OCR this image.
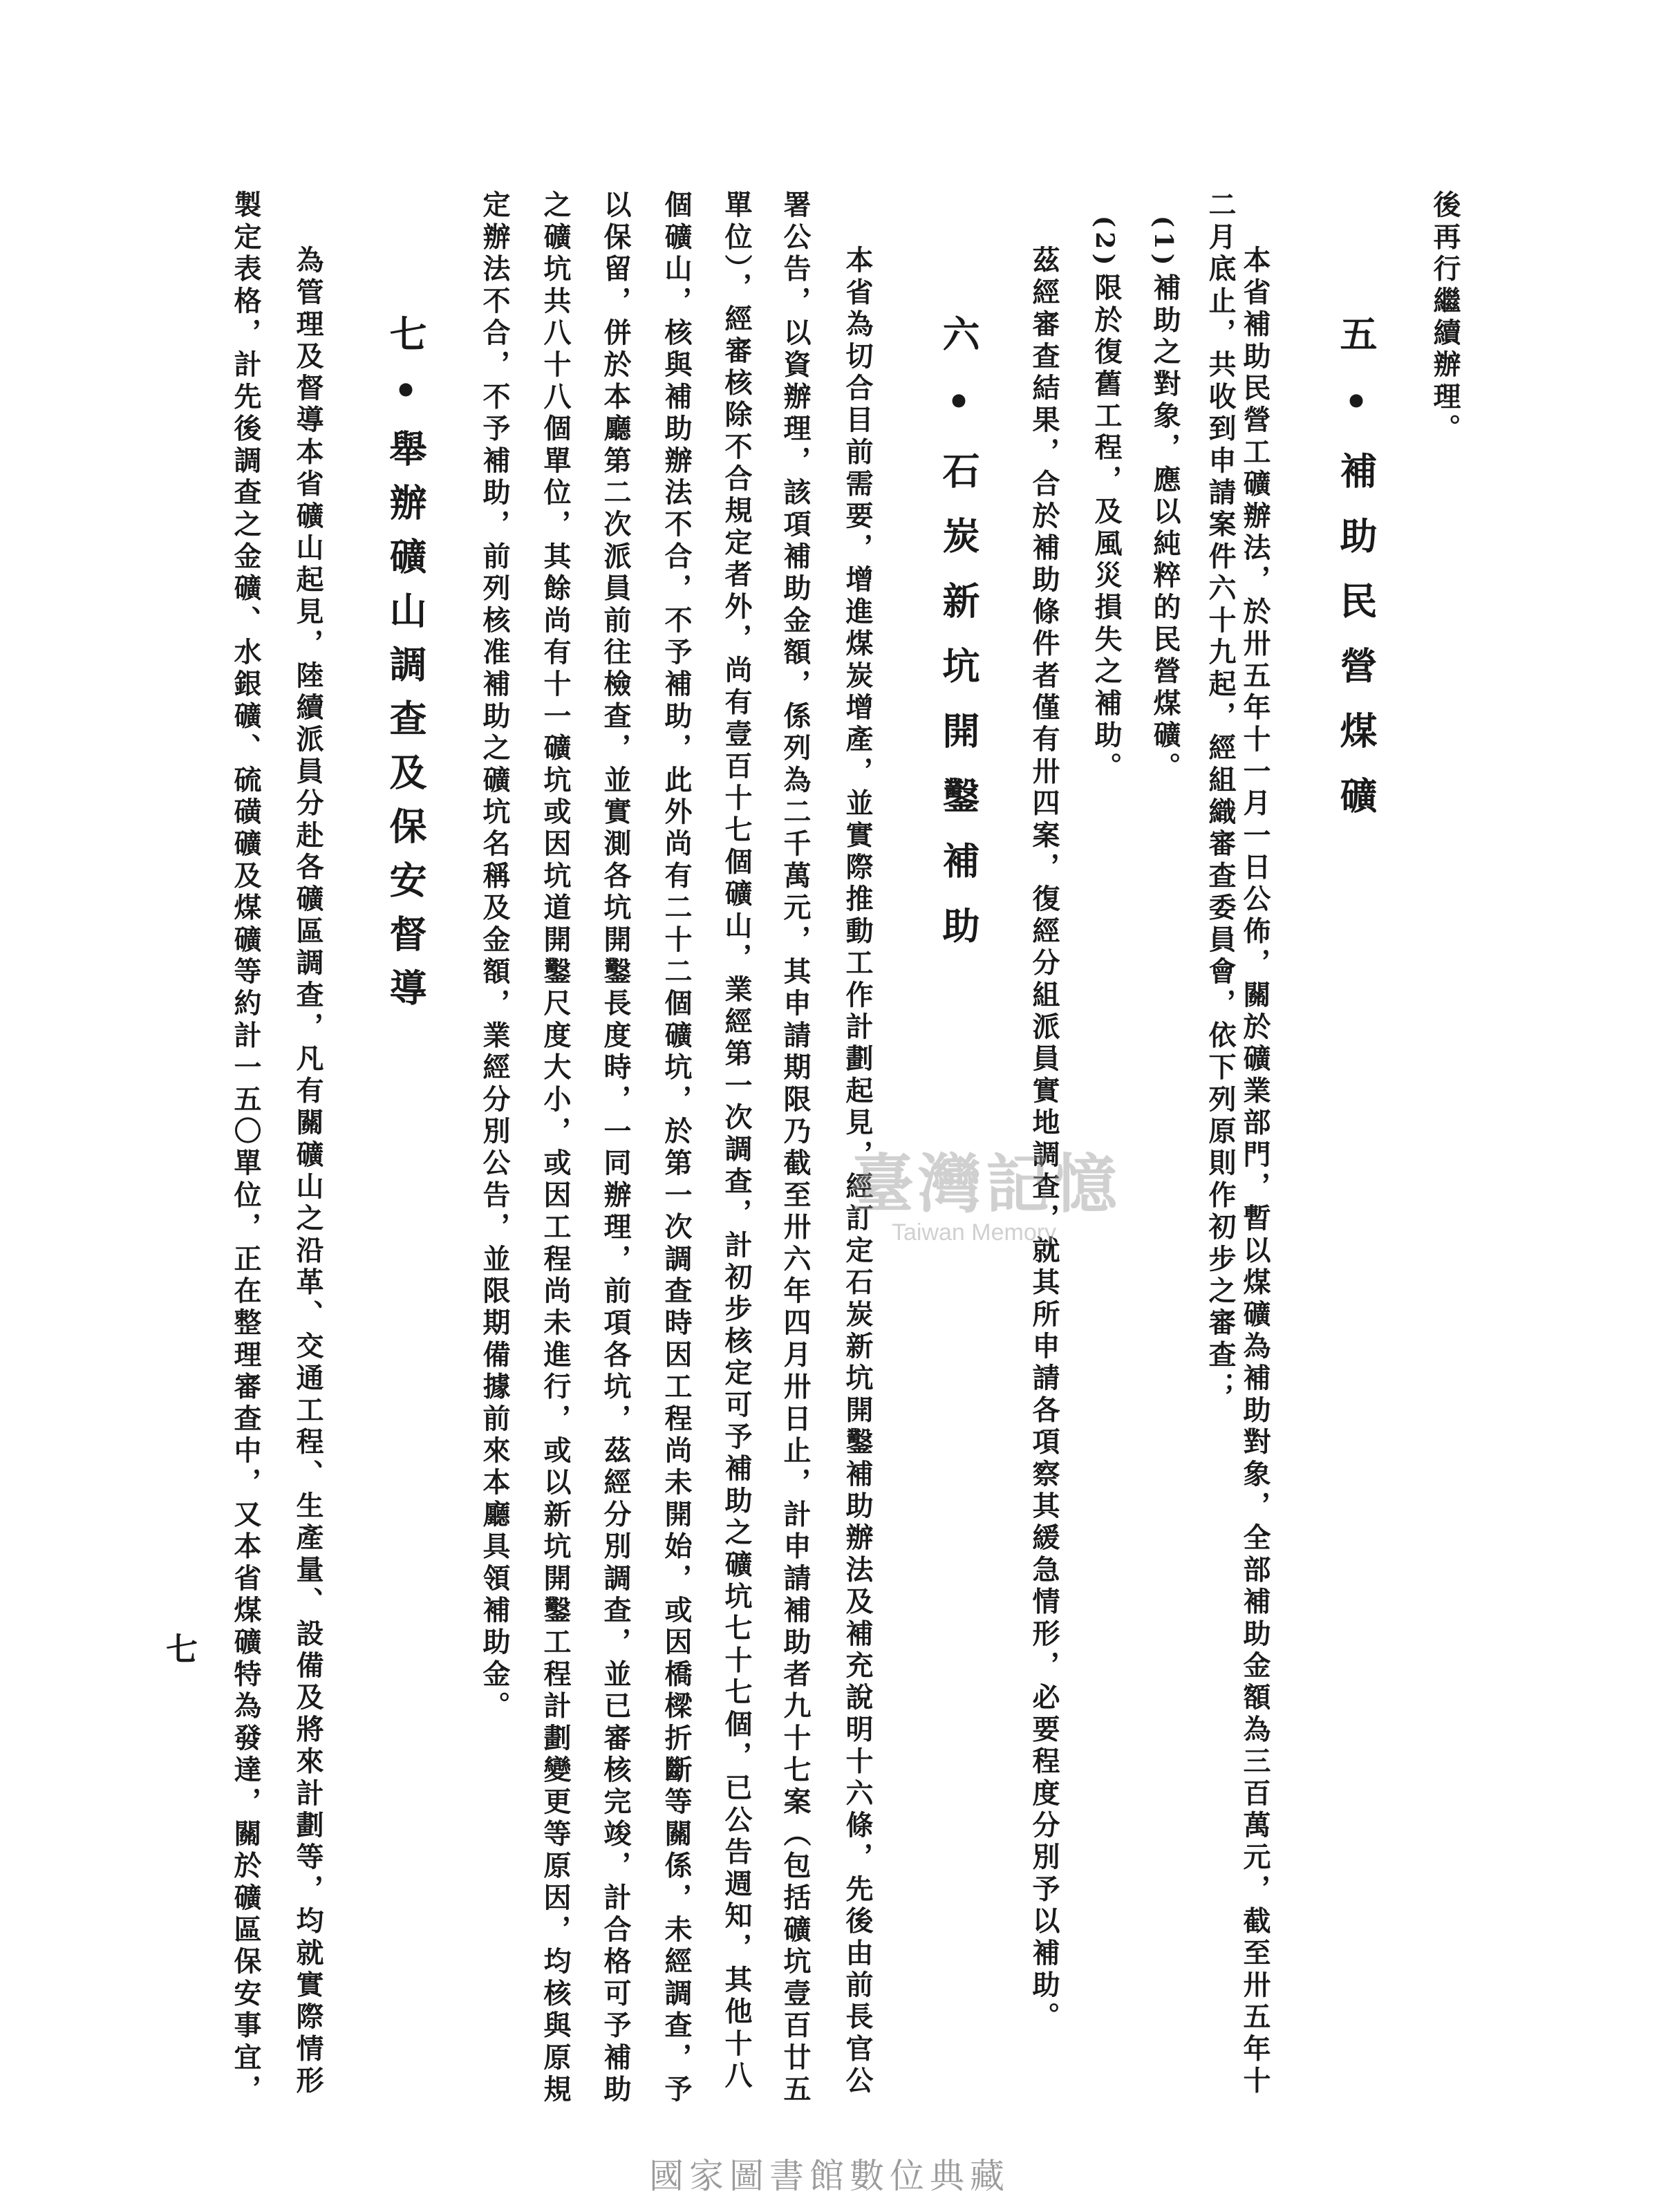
後再行繼續辦理。
五•補助民營煤礦
本省補助民營工礦辦法，於卅五年十一月一日公佈，關於礦業部門，暫以煤礦為補助對象，全部補助金額為三百萬元，截至卅五年十
二月底止，共收到申請案件六十九起，經組織審查委員會，依下列原則作初步之審查；
(1)
補助之對象，應以純粹的民營煤礦。
(2)
限於復舊工程，及風災損失之補助。
茲經審查結果，合於補助條件者僅有卅四案，復經分組派員實地調查，就其所申請各項察其緩急情形，必要程度分別予以補助。
六•石炭新坑開鑿補助
本省為切合目前需要，增進煤炭增產，並實際推動工作計劃起見，經訂定石炭新坑開鑿補助辦法及補充說明十六條，先後由前長官公
署公告，以資辦理，該項補助金額，係列為二千萬元，其申請期限乃截至卅六年四月卅日止，計申請補助者九十七案（包括礦坑壹百廿五
單位），經審核除不合規定者外，尚有壹百十七個礦山，業經第一次調查，計初步核定可予補助之礦坑七十七個，已公告週知，其他十八
個礦山，核與補助辦法不合，不予補助，此外尚有二十二個礦坑，於第一次調查時因工程尚未開始，或因橋樑折斷等關係，未經調查，予
以保留，併於本廳第二次派員前往檢查，並實測各坑開鑿長度時，一同辦理，前項各坑，茲經分別調查，並已審核完竣，計合格可予補助
之礦坑共八十八個單位，其餘尚有十一礦坑或因坑道開鑿尺度大小，或因工程尚未進行，或以新坑開鑿工程計劃變更等原因，均核與原規
定辦法不合，不予補助，前列核准補助之礦坑名稱及金額，業經分別公告，並限期備據前來本廳具領補助金。
七•舉辦礦山調查及保安督導
為管理及督導本省礦山起見，陸續派員分赴各礦區調查，凡有關礦山之沿革、交通工程、生產量、設備及將來計劃等，均就實際情形
製定表格，計先後調查之金礦、水銀礦、硫磺礦及煤礦等約計一五〇單位，正在整理審查中，又本省煤礦特為發達，關於礦區保安事宜，
七
臺灣記憶
Taiwan Memory
國家圖書館數位典藏
